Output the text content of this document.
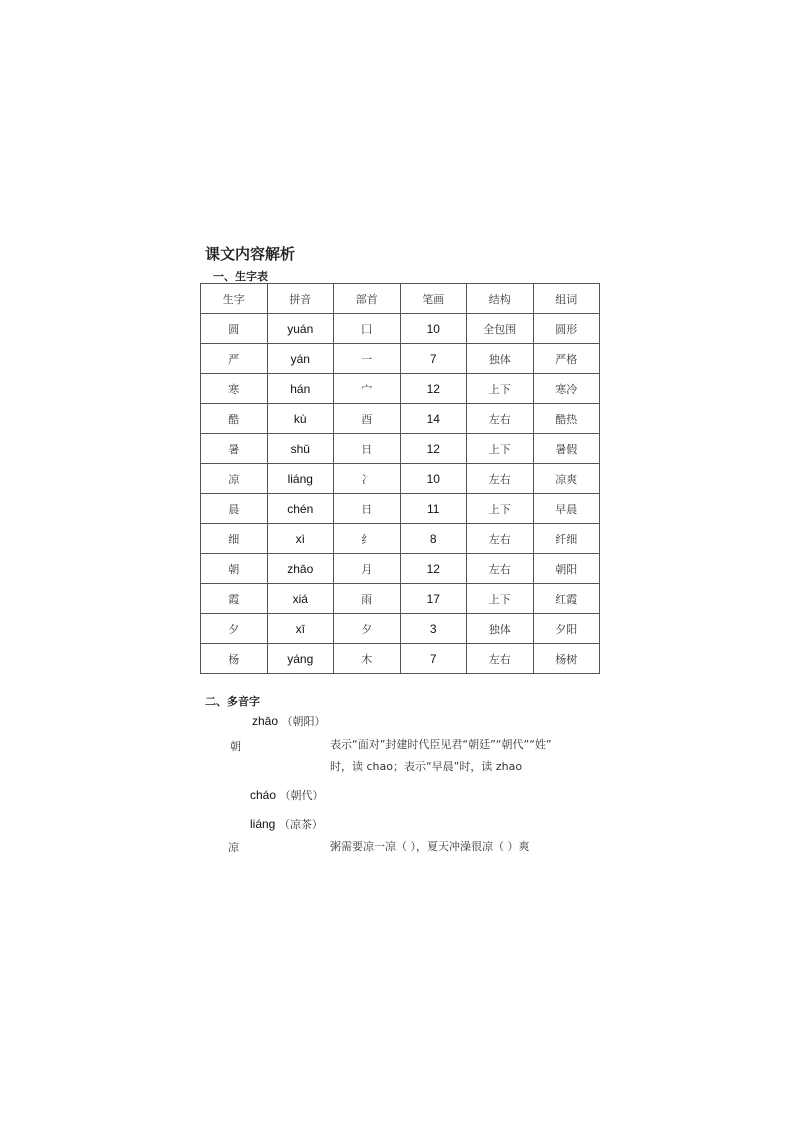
课文内容解析
一、生字表
生字	拼音	部首	笔画	结构	组词
圆	yuán	囗	10	全包围	圆形
严	yán	一	7	独体	严格
寒	hán	宀	12	上下	寒冷
酷	kù	酉	14	左右	酷热
暑	shǔ	日	12	上下	暑假
凉	liáng	冫	10	左右	凉爽
晨	chén	日	11	上下	早晨
细	xì	纟	8	左右	纤细
朝	zhāo	月	12	左右	朝阳
霞	xiá	雨	17	上下	红霞
夕	xī	夕	3	独体	夕阳
杨	yáng	木	7	左右	杨树
二、多音字
zhāo （朝阳）
朝	表示“面对”封建时代臣见君“朝廷”“朝代”“姓”
时，读 chao；表示“早晨”时，读 zhao
cháo （朝代）
liáng （凉茶）
凉	粥需要凉一凉（ ），夏天冲澡很凉（ ）爽
